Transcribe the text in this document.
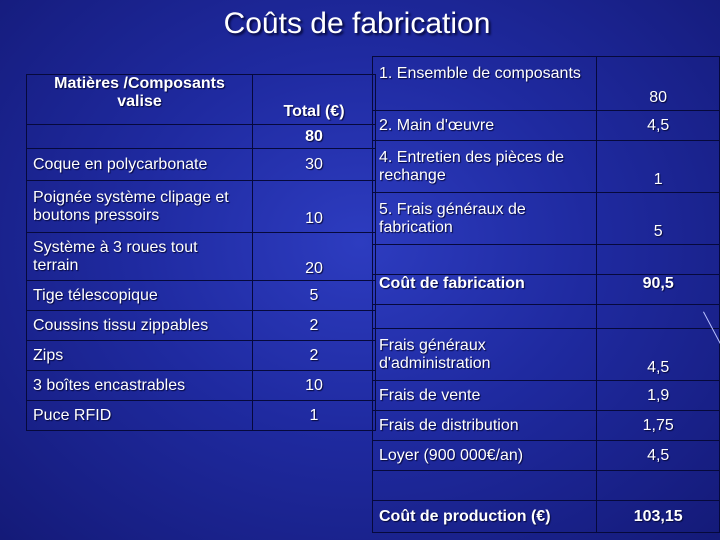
Coûts de fabrication
Matières /Composants valise	Total (€)
	80
Coque en polycarbonate	30
Poignée système clipage et boutons pressoirs	10
Système à 3 roues tout terrain	20
Tige télescopique	5
Coussins tissu zippables	2
Zips	2
3 boîtes encastrables	10
Puce RFID	1
1. Ensemble de composants	80
2. Main d'œuvre	4,5
4. Entretien des pièces de rechange	1
5. Frais généraux de fabrication	5

Coût de fabrication	90,5

Frais généraux d'administration	4,5
Frais de vente	1,9
Frais de distribution	1,75
Loyer (900 000€/an)	4,5

Coût de production (€)	103,15
